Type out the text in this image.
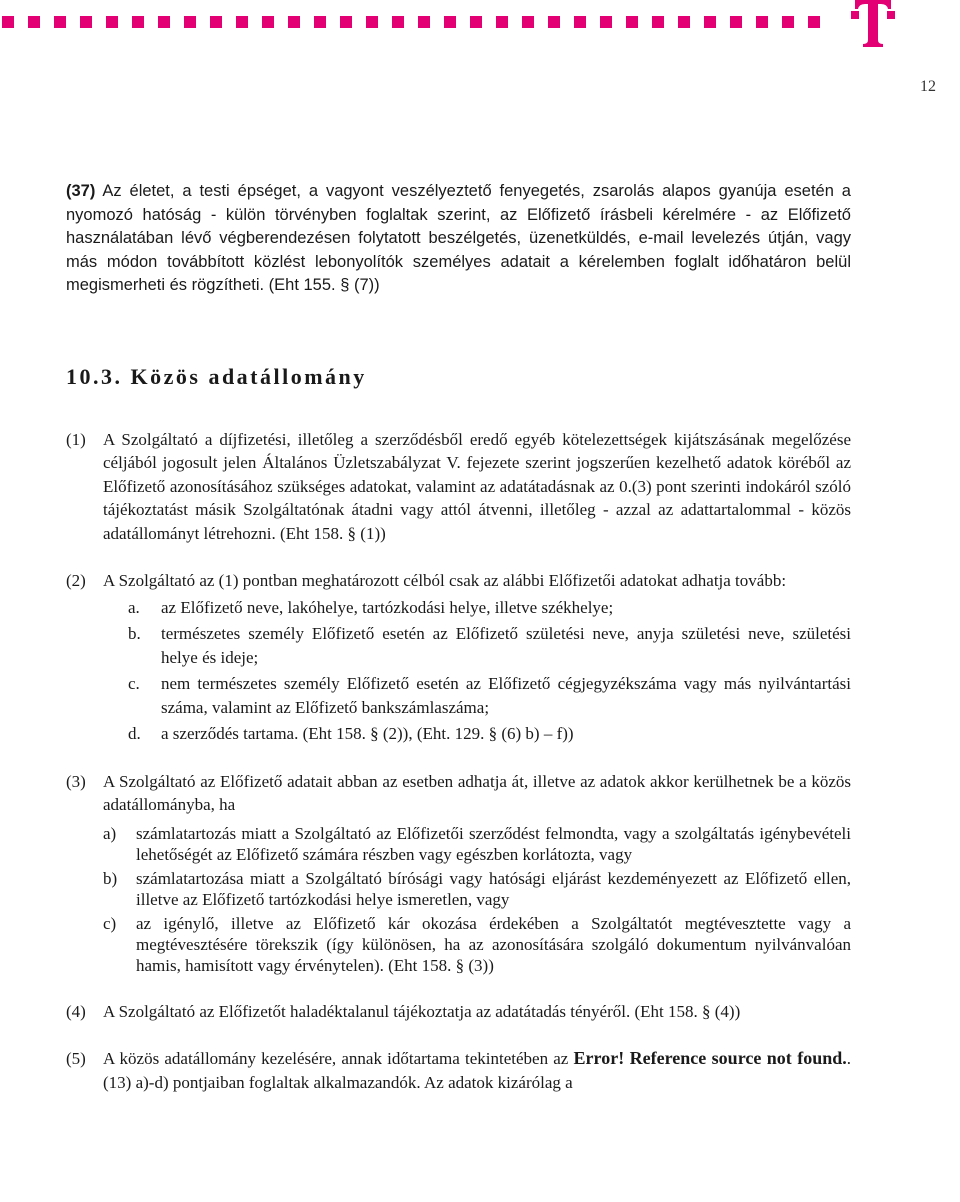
12

(37) Az életet, a testi épséget, a vagyont veszélyeztető fenyegetés, zsarolás alapos gyanúja esetén a nyomozó hatóság - külön törvényben foglaltak szerint, az Előfizető írásbeli kérelmére - az Előfizető használatában lévő végberendezésen folytatott beszélgetés, üzenetküldés, e-mail levelezés útján, vagy más módon továbbított közlést lebonyolítók személyes adatait a kérelemben foglalt időhatáron belül megismerheti és rögzítheti. (Eht 155. § (7))

10.3. Közös adatállomány

(1) A Szolgáltató a díjfizetési, illetőleg a szerződésből eredő egyéb kötelezettségek kijátszásának megelőzése céljából jogosult jelen Általános Üzletszabályzat V. fejezete szerint jogszerűen kezelhető adatok köréből az Előfizető azonosításához szükséges adatokat, valamint az adatátadásnak az 0.(3) pont szerinti indokáról szóló tájékoztatást másik Szolgáltatónak átadni vagy attól átvenni, illetőleg - azzal az adattartalommal - közös adatállományt létrehozni. (Eht 158. § (1))

(2) A Szolgáltató az (1) pontban meghatározott célból csak az alábbi Előfizetői adatokat adhatja tovább:

a. az Előfizető neve, lakóhelye, tartózkodási helye, illetve székhelye;
b. természetes személy Előfizető esetén az Előfizető születési neve, anyja születési neve, születési helye és ideje;
c. nem természetes személy Előfizető esetén az Előfizető cégjegyzékszáma vagy más nyilvántartási száma, valamint az Előfizető bankszámlaszáma;
d. a szerződés tartama. (Eht 158. § (2)), (Eht. 129. § (6) b) – f))

(3) A Szolgáltató az Előfizető adatait abban az esetben adhatja át, illetve az adatok akkor kerülhetnek be a közös adatállományba, ha

a) számlatartozás miatt a Szolgáltató az Előfizetői szerződést felmondta, vagy a szolgáltatás igénybevételi lehetőségét az Előfizető számára részben vagy egészben korlátozta, vagy
b) számlatartozása miatt a Szolgáltató bírósági vagy hatósági eljárást kezdeményezett az Előfizető ellen, illetve az Előfizető tartózkodási helye ismeretlen, vagy
c) az igénylő, illetve az Előfizető kár okozása érdekében a Szolgáltatót megtévesztette vagy a megtévesztésére törekszik (így különösen, ha az azonosítására szolgáló dokumentum nyilvánvalóan hamis, hamisított vagy érvénytelen). (Eht 158. § (3))

(4) A Szolgáltató az Előfizetőt haladéktalanul tájékoztatja az adatátadás tényéről. (Eht 158. § (4))

(5) A közös adatállomány kezelésére, annak időtartama tekintetében az Error! Reference source not found..(13) a)-d) pontjaiban foglaltak alkalmazandók. Az adatok kizárólag a
